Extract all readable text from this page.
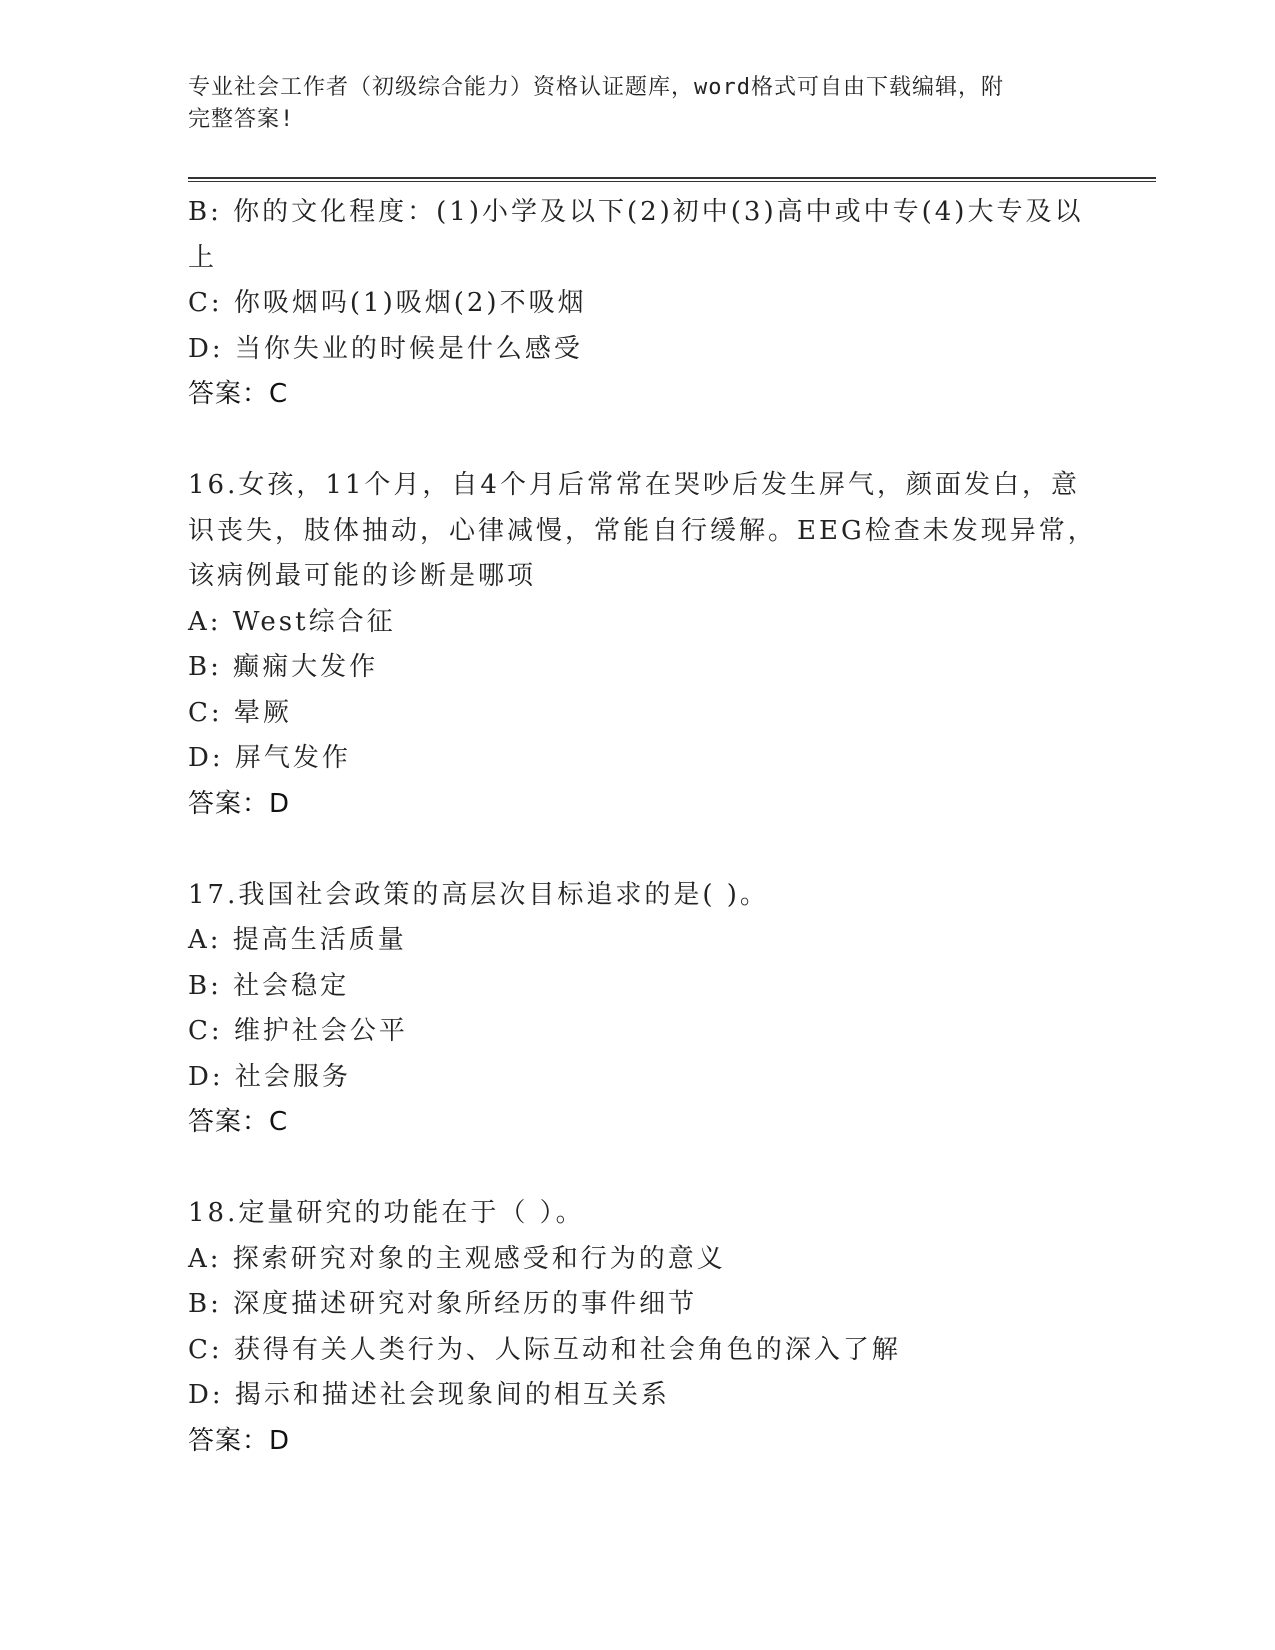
专业社会工作者（初级综合能力）资格认证题库，word格式可自由下载编辑，附
完整答案!
B: 你的文化程度：(1)小学及以下(2)初中(3)高中或中专(4)大专及以
上
C: 你吸烟吗(1)吸烟(2)不吸烟
D: 当你失业的时候是什么感受
答案：C
16.女孩，11个月，自4个月后常常在哭吵后发生屏气，颜面发白，意
识丧失，肢体抽动，心律减慢，常能自行缓解。EEG检查未发现异常，
该病例最可能的诊断是哪项
A: West综合征
B: 癫痫大发作
C: 晕厥
D: 屏气发作
答案：D
17.我国社会政策的高层次目标追求的是( )。
A: 提高生活质量
B: 社会稳定
C: 维护社会公平
D: 社会服务
答案：C
18.定量研究的功能在于（ ）。
A: 探索研究对象的主观感受和行为的意义
B: 深度描述研究对象所经历的事件细节
C: 获得有关人类行为、人际互动和社会角色的深入了解
D: 揭示和描述社会现象间的相互关系
答案：D
